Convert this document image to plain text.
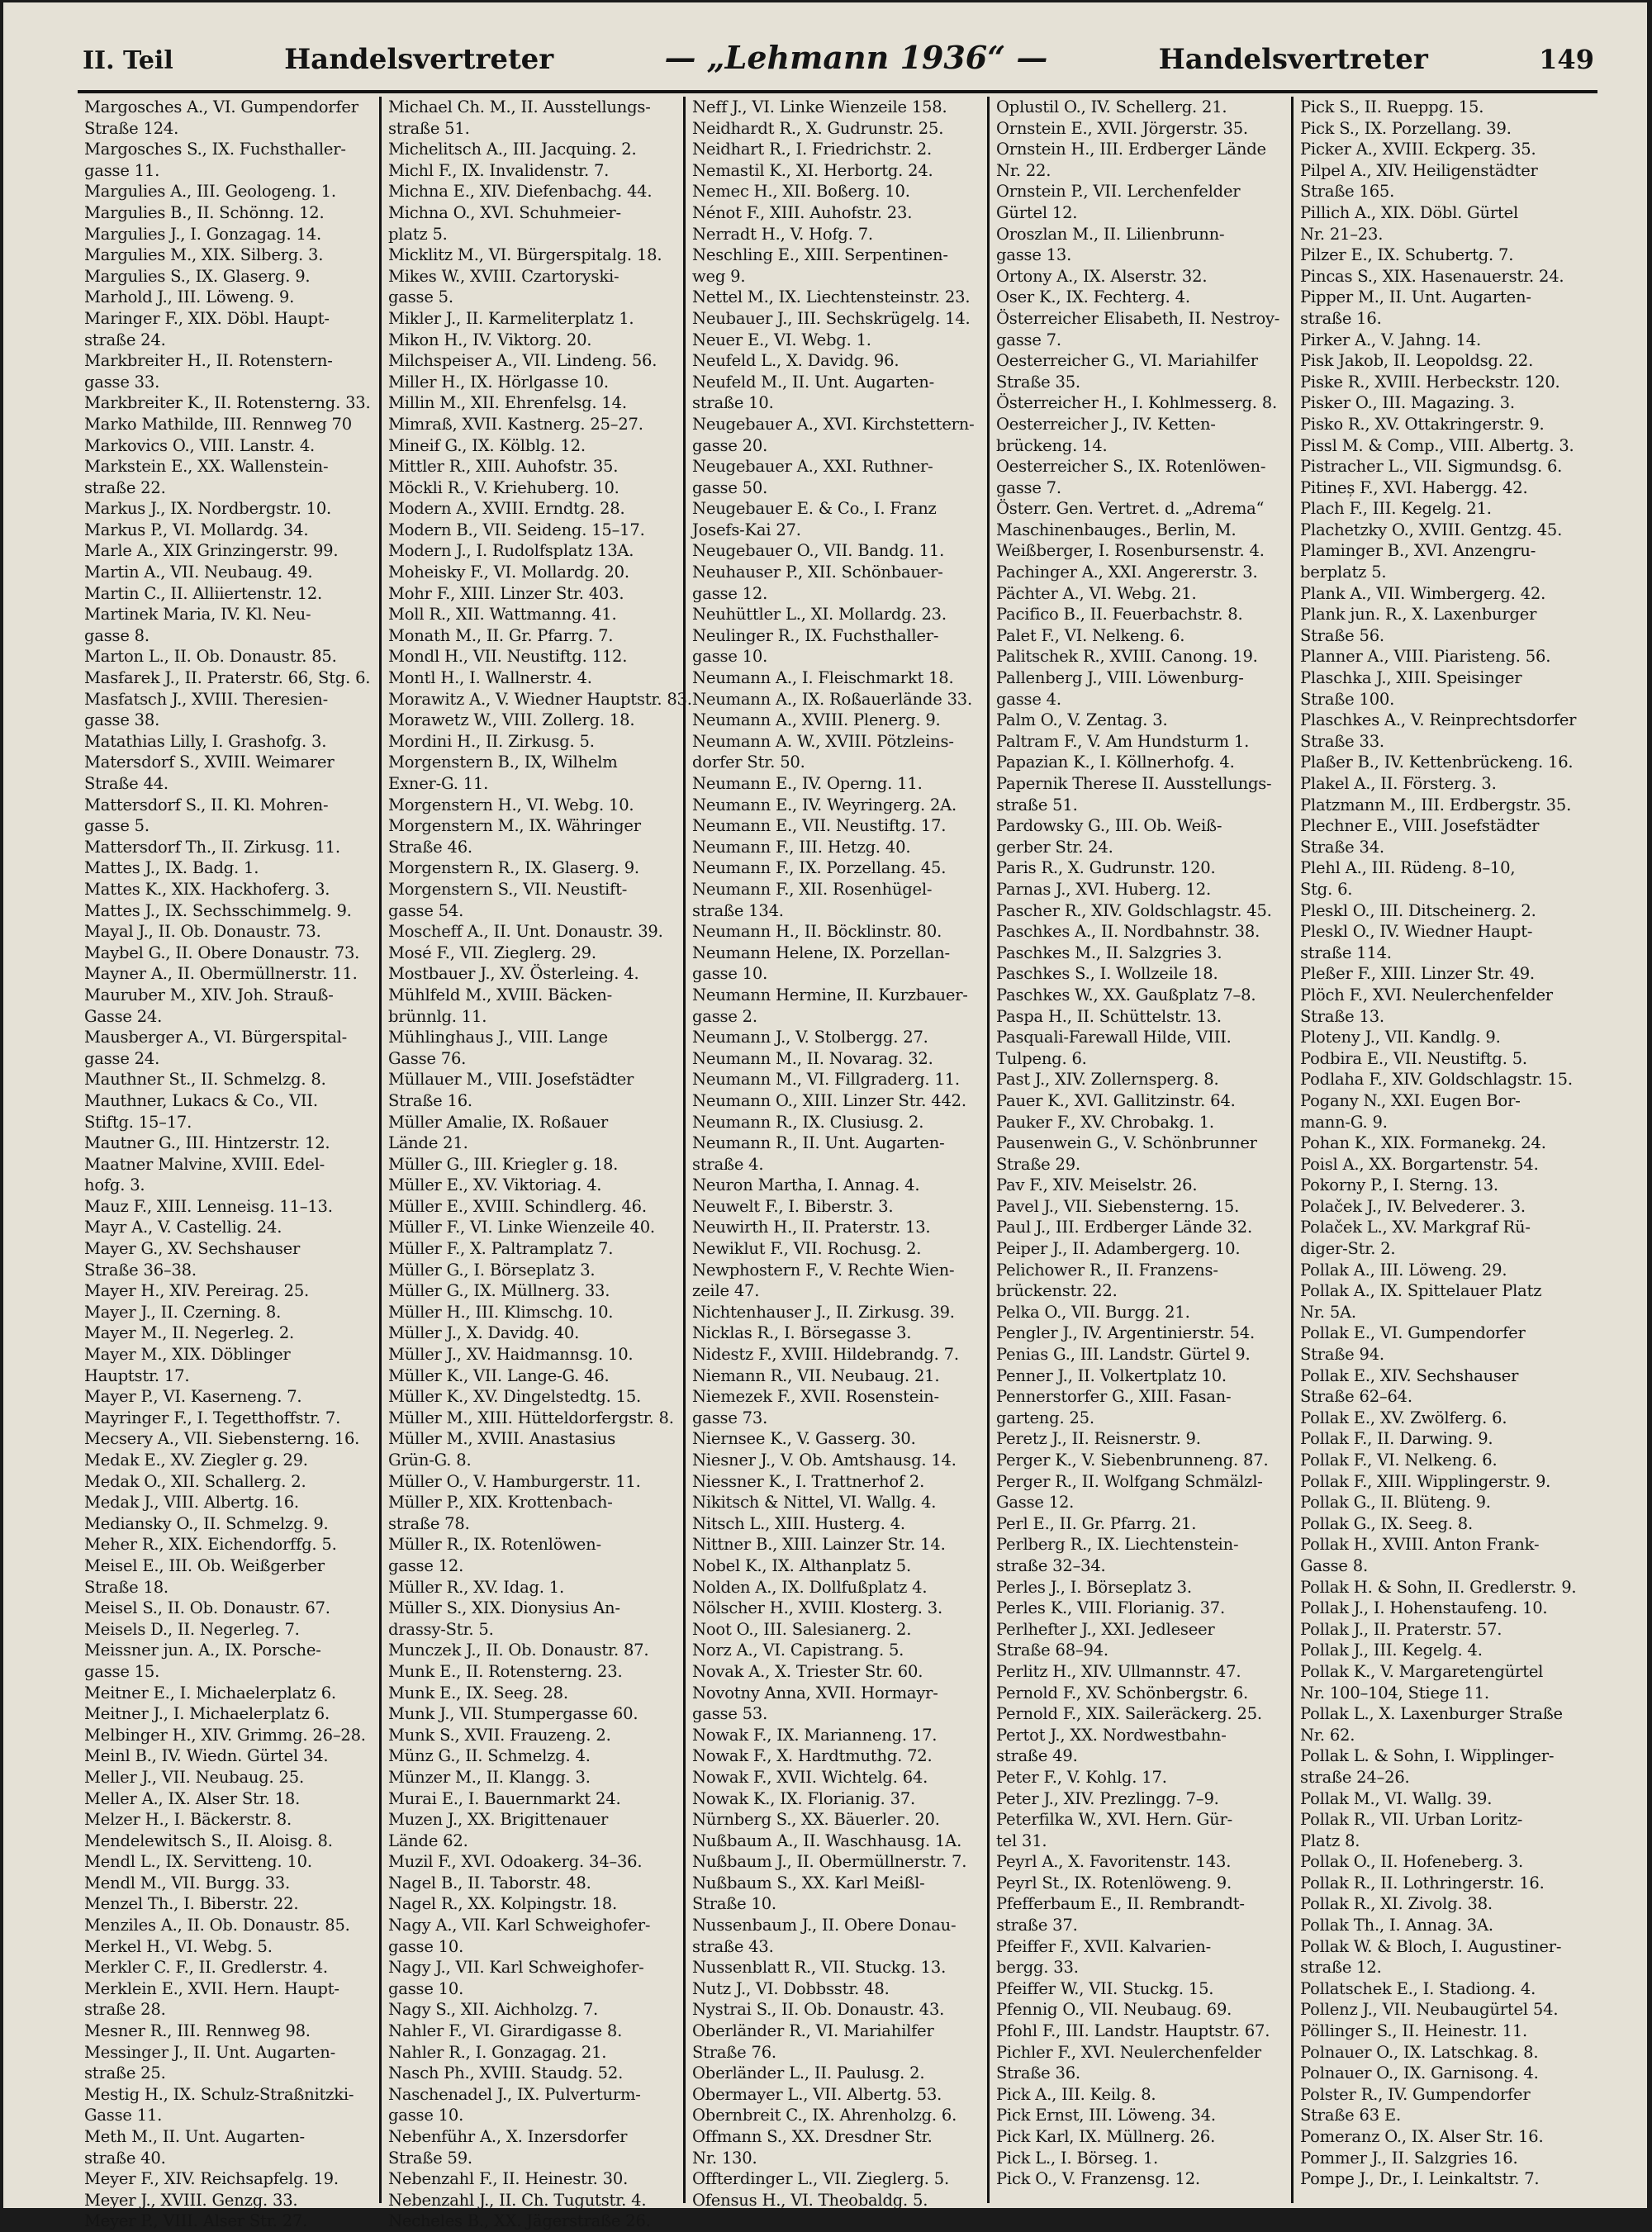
II. Teil	Handelsvertreter	— „Lehmann 1936“ —	Handelsvertreter	149
Margosches A., VI. Gumpendorfer
Straße 124.
Margosches S., IX. Fuchsthaller-
gasse 11.
Margulies A., III. Geologeng. 1.
Margulies B., II. Schönng. 12.
Margulies J., I. Gonzagag. 14.
Margulies M., XIX. Silberg. 3.
Margulies S., IX. Glaserg. 9.
Marhold J., III. Löweng. 9.
Maringer F., XIX. Döbl. Haupt-
straße 24.
Markbreiter H., II. Rotenstern-
gasse 33.
Markbreiter K., II. Rotensterng. 33.
Marko Mathilde, III. Rennweg 70
Markovics O., VIII. Lanstr. 4.
Markstein E., XX. Wallenstein-
straße 22.
Markus J., IX. Nordbergstr. 10.
Markus P., VI. Mollardg. 34.
Marle A., XIX Grinzingerstr. 99.
Martin A., VII. Neubaug. 49.
Martin C., II. Alliiertenstr. 12.
Martinek Maria, IV. Kl. Neu-
gasse 8.
Marton L., II. Ob. Donaustr. 85.
Masfarek J., II. Praterstr. 66, Stg. 6.
Masfatsch J., XVIII. Theresien-
gasse 38.
Matathias Lilly, I. Grashofg. 3.
Matersdorf S., XVIII. Weimarer
Straße 44.
Mattersdorf S., II. Kl. Mohren-
gasse 5.
Mattersdorf Th., II. Zirkusg. 11.
Mattes J., IX. Badg. 1.
Mattes K., XIX. Hackhoferg. 3.
Mattes J., IX. Sechsschimmelg. 9.
Mayal J., II. Ob. Donaustr. 73.
Maybel G., II. Obere Donaustr. 73.
Mayner A., II. Obermüllnerstr. 11.
Mauruber M., XIV. Joh. Strauß-
Gasse 24.
Mausberger A., VI. Bürgerspital-
gasse 24.
Mauthner St., II. Schmelzg. 8.
Mauthner, Lukacs & Co., VII.
Stiftg. 15–17.
Mautner G., III. Hintzerstr. 12.
Maatner Malvine, XVIII. Edel-
hofg. 3.
Mauz F., XIII. Lenneisg. 11–13.
Mayr A., V. Castellig. 24.
Mayer G., XV. Sechshauser
Straße 36–38.
Mayer H., XIV. Pereirag. 25.
Mayer J., II. Czerning. 8.
Mayer M., II. Negerleg. 2.
Mayer M., XIX. Döblinger
Hauptstr. 17.
Mayer P., VI. Kaserneng. 7.
Mayringer F., I. Tegetthoffstr. 7.
Mecsery A., VII. Siebensterng. 16.
Medak E., XV. Ziegler g. 29.
Medak O., XII. Schallerg. 2.
Medak J., VIII. Albertg. 16.
Mediansky O., II. Schmelzg. 9.
Meher R., XIX. Eichendorffg. 5.
Meisel E., III. Ob. Weißgerber
Straße 18.
Meisel S., II. Ob. Donaustr. 67.
Meisels D., II. Negerleg. 7.
Meissner jun. A., IX. Porsche-
gasse 15.
Meitner E., I. Michaelerplatz 6.
Meitner J., I. Michaelerplatz 6.
Melbinger H., XIV. Grimmg. 26–28.
Meinl B., IV. Wiedn. Gürtel 34.
Meller J., VII. Neubaug. 25.
Meller A., IX. Alser Str. 18.
Melzer H., I. Bäckerstr. 8.
Mendelewitsch S., II. Aloisg. 8.
Mendl L., IX. Servitteng. 10.
Mendl M., VII. Burgg. 33.
Menzel Th., I. Biberstr. 22.
Menziles A., II. Ob. Donaustr. 85.
Merkel H., VI. Webg. 5.
Merkler C. F., II. Gredlerstr. 4.
Merklein E., XVII. Hern. Haupt-
straße 28.
Mesner R., III. Rennweg 98.
Messinger J., II. Unt. Augarten-
straße 25.
Mestig H., IX. Schulz-Straßnitzki-
Gasse 11.
Meth M., II. Unt. Augarten-
straße 40.
Meyer F., XIV. Reichsapfelg. 19.
Meyer J., XVIII. Genzg. 33.
Meyer P., VIII. Alser Str. 27.
Michael Ch. M., II. Ausstellungs-
straße 51.
Michelitsch A., III. Jacquing. 2.
Michl F., IX. Invalidenstr. 7.
Michna E., XIV. Diefenbachg. 44.
Michna O., XVI. Schuhmeier-
platz 5.
Micklitz M., VI. Bürgerspitalg. 18.
Mikes W., XVIII. Czartoryski-
gasse 5.
Mikler J., II. Karmeliterplatz 1.
Mikon H., IV. Viktorg. 20.
Milchspeiser A., VII. Lindeng. 56.
Miller H., IX. Hörlgasse 10.
Millin M., XII. Ehrenfelsg. 14.
Mimraß, XVII. Kastnerg. 25–27.
Mineif G., IX. Kölblg. 12.
Mittler R., XIII. Auhofstr. 35.
Möckli R., V. Kriehuberg. 10.
Modern A., XVIII. Erndtg. 28.
Modern B., VII. Seideng. 15–17.
Modern J., I. Rudolfsplatz 13A.
Moheisky F., VI. Mollardg. 20.
Mohr F., XIII. Linzer Str. 403.
Moll R., XII. Wattmanng. 41.
Monath M., II. Gr. Pfarrg. 7.
Mondl H., VII. Neustiftg. 112.
Montl H., I. Wallnerstr. 4.
Morawitz A., V. Wiedner Hauptstr. 83.
Morawetz W., VIII. Zollerg. 18.
Mordini H., II. Zirkusg. 5.
Morgenstern B., IX, Wilhelm
Exner-G. 11.
Morgenstern H., VI. Webg. 10.
Morgenstern M., IX. Währinger
Straße 46.
Morgenstern R., IX. Glaserg. 9.
Morgenstern S., VII. Neustift-
gasse 54.
Moscheff A., II. Unt. Donaustr. 39.
Mosé F., VII. Zieglerg. 29.
Mostbauer J., XV. Österleing. 4.
Mühlfeld M., XVIII. Bäcken-
brünnlg. 11.
Mühlinghaus J., VIII. Lange
Gasse 76.
Müllauer M., VIII. Josefstädter
Straße 16.
Müller Amalie, IX. Roßauer
Lände 21.
Müller G., III. Kriegler g. 18.
Müller E., XV. Viktoriag. 4.
Müller E., XVIII. Schindlerg. 46.
Müller F., VI. Linke Wienzeile 40.
Müller F., X. Paltramplatz 7.
Müller G., I. Börseplatz 3.
Müller G., IX. Müllnerg. 33.
Müller H., III. Klimschg. 10.
Müller J., X. Davidg. 40.
Müller J., XV. Haidmannsg. 10.
Müller K., VII. Lange-G. 46.
Müller K., XV. Dingelstedtg. 15.
Müller M., XIII. Hütteldorfergstr. 8.
Müller M., XVIII. Anastasius
Grün-G. 8.
Müller O., V. Hamburgerstr. 11.
Müller P., XIX. Krottenbach-
straße 78.
Müller R., IX. Rotenlöwen-
gasse 12.
Müller R., XV. Idag. 1.
Müller S., XIX. Dionysius An-
drassy-Str. 5.
Munczek J., II. Ob. Donaustr. 87.
Munk E., II. Rotensterng. 23.
Munk E., IX. Seeg. 28.
Munk J., VII. Stumpergasse 60.
Munk S., XVII. Frauzeng. 2.
Münz G., II. Schmelzg. 4.
Münzer M., II. Klangg. 3.
Murai E., I. Bauernmarkt 24.
Muzen J., XX. Brigittenauer
Lände 62.
Muzil F., XVI. Odoakerg. 34–36.
Nagel B., II. Taborstr. 48.
Nagel R., XX. Kolpingstr. 18.
Nagy A., VII. Karl Schweighofer-
gasse 10.
Nagy J., VII. Karl Schweighofer-
gasse 10.
Nagy S., XII. Aichholzg. 7.
Nahler F., VI. Girardigasse 8.
Nahler R., I. Gonzagag. 21.
Nasch Ph., XVIII. Staudg. 52.
Naschenadel J., IX. Pulverturm-
gasse 10.
Nebenführ A., X. Inzersdorfer
Straße 59.
Nebenzahl F., II. Heinestr. 30.
Nebenzahl J., II. Ch. Tugutstr. 4.
Necheles B., XX. Jägerstraße 26.
Neff J., VI. Linke Wienzeile 158.
Neidhardt R., X. Gudrunstr. 25.
Neidhart R., I. Friedrichstr. 2.
Nemastil K., XI. Herbortg. 24.
Nemec H., XII. Boßerg. 10.
Nénot F., XIII. Auhofstr. 23.
Nerradt H., V. Hofg. 7.
Neschling E., XIII. Serpentinen-
weg 9.
Nettel M., IX. Liechtensteinstr. 23.
Neubauer J., III. Sechskrügelg. 14.
Neuer E., VI. Webg. 1.
Neufeld L., X. Davidg. 96.
Neufeld M., II. Unt. Augarten-
straße 10.
Neugebauer A., XVI. Kirchstettern-
gasse 20.
Neugebauer A., XXI. Ruthner-
gasse 50.
Neugebauer E. & Co., I. Franz
Josefs-Kai 27.
Neugebauer O., VII. Bandg. 11.
Neuhauser P., XII. Schönbauer-
gasse 12.
Neuhüttler L., XI. Mollardg. 23.
Neulinger R., IX. Fuchsthaller-
gasse 10.
Neumann A., I. Fleischmarkt 18.
Neumann A., IX. Roßauerlände 33.
Neumann A., XVIII. Plenerg. 9.
Neumann A. W., XVIII. Pötzleins-
dorfer Str. 50.
Neumann E., IV. Operng. 11.
Neumann E., IV. Weyringerg. 2A.
Neumann E., VII. Neustiftg. 17.
Neumann F., III. Hetzg. 40.
Neumann F., IX. Porzellang. 45.
Neumann F., XII. Rosenhügel-
straße 134.
Neumann H., II. Böcklinstr. 80.
Neumann Helene, IX. Porzellan-
gasse 10.
Neumann Hermine, II. Kurzbauer-
gasse 2.
Neumann J., V. Stolbergg. 27.
Neumann M., II. Novarag. 32.
Neumann M., VI. Fillgraderg. 11.
Neumann O., XIII. Linzer Str. 442.
Neumann R., IX. Clusiusg. 2.
Neumann R., II. Unt. Augarten-
straße 4.
Neuron Martha, I. Annag. 4.
Neuwelt F., I. Biberstr. 3.
Neuwirth H., II. Praterstr. 13.
Newiklut F., VII. Rochusg. 2.
Newphostern F., V. Rechte Wien-
zeile 47.
Nichtenhauser J., II. Zirkusg. 39.
Nicklas R., I. Börsegasse 3.
Nidestz F., XVIII. Hildebrandg. 7.
Niemann R., VII. Neubaug. 21.
Niemezek F., XVII. Rosenstein-
gasse 73.
Niernsee K., V. Gasserg. 30.
Niesner J., V. Ob. Amtshausg. 14.
Niessner K., I. Trattnerhof 2.
Nikitsch & Nittel, VI. Wallg. 4.
Nitsch L., XIII. Husterg. 4.
Nittner B., XIII. Lainzer Str. 14.
Nobel K., IX. Althanplatz 5.
Nolden A., IX. Dollfußplatz 4.
Nölscher H., XVIII. Klosterg. 3.
Noot O., III. Salesianerg. 2.
Norz A., VI. Capistrang. 5.
Novak A., X. Triester Str. 60.
Novotny Anna, XVII. Hormayr-
gasse 53.
Nowak F., IX. Marianneng. 17.
Nowak F., X. Hardtmuthg. 72.
Nowak F., XVII. Wichtelg. 64.
Nowak K., IX. Florianig. 37.
Nürnberg S., XX. Bäuerlег. 20.
Nußbaum A., II. Waschhausg. 1A.
Nußbaum J., II. Obermüllnerstr. 7.
Nußbaum S., XX. Karl Meißl-
Straße 10.
Nussenbaum J., II. Obere Donau-
straße 43.
Nussenblatt R., VII. Stuckg. 13.
Nutz J., VI. Dobbsstr. 48.
Nystrai S., II. Ob. Donaustr. 43.
Oberländer R., VI. Mariahilfer
Straße 76.
Oberländer L., II. Paulusg. 2.
Obermayer L., VII. Albertg. 53.
Obernbreit C., IX. Ahrenholzg. 6.
Offmann S., XX. Dresdner Str.
Nr. 130.
Offterdinger L., VII. Zieglerg. 5.
Ofensus H., VI. Theobaldg. 5.
Oplustil O., IV. Schellerg. 21.
Ornstein E., XVII. Jörgerstr. 35.
Ornstein H., III. Erdberger Lände
Nr. 22.
Ornstein P., VII. Lerchenfelder
Gürtel 12.
Oroszlan M., II. Lilienbrunn-
gasse 13.
Ortony A., IX. Alserstr. 32.
Oser K., IX. Fechterg. 4.
Österreicher Elisabeth, II. Nestroy-
gasse 7.
Oesterreicher G., VI. Mariahilfer
Straße 35.
Österreicher H., I. Kohlmesserg. 8.
Oesterreicher J., IV. Ketten-
brückeng. 14.
Oesterreicher S., IX. Rotenlöwen-
gasse 7.
Österr. Gen. Vertret. d. „Adrema“
Maschinenbauges., Berlin, M.
Weißberger, I. Rosenbursenstr. 4.
Pachinger A., XXI. Angererstr. 3.
Pächter A., VI. Webg. 21.
Pacifico B., II. Feuerbachstr. 8.
Palet F., VI. Nelkeng. 6.
Palitschek R., XVIII. Canong. 19.
Pallenberg J., VIII. Löwenburg-
gasse 4.
Palm O., V. Zentag. 3.
Paltram F., V. Am Hundsturm 1.
Papazian K., I. Köllnerhofg. 4.
Papernik Therese II. Ausstellungs-
straße 51.
Pardowsky G., III. Ob. Weiß-
gerber Str. 24.
Paris R., X. Gudrunstr. 120.
Parnas J., XVI. Huberg. 12.
Pascher R., XIV. Goldschlagstr. 45.
Paschkes A., II. Nordbahnstr. 38.
Paschkes M., II. Salzgries 3.
Paschkes S., I. Wollzeile 18.
Paschkes W., XX. Gaußplatz 7–8.
Paspa H., II. Schüttelstr. 13.
Pasquali-Farewall Hilde, VIII.
Tulpeng. 6.
Past J., XIV. Zollernsperg. 8.
Pauer K., XVI. Gallitzinstr. 64.
Pauker F., XV. Chrobakg. 1.
Pausenwein G., V. Schönbrunner
Straße 29.
Pav F., XIV. Meiselstr. 26.
Pavel J., VII. Siebensterng. 15.
Paul J., III. Erdberger Lände 32.
Peiper J., II. Adambergerg. 10.
Pelichower R., II. Franzens-
brückenstr. 22.
Pelka O., VII. Burgg. 21.
Pengler J., IV. Argentinierstr. 54.
Penias G., III. Landstr. Gürtel 9.
Penner J., II. Volkertplatz 10.
Pennerstorfer G., XIII. Fasan-
garteng. 25.
Peretz J., II. Reisnerstr. 9.
Perger K., V. Siebenbrunneng. 87.
Perger R., II. Wolfgang Schmälzl-
Gasse 12.
Perl E., II. Gr. Pfarrg. 21.
Perlberg R., IX. Liechtenstein-
straße 32–34.
Perles J., I. Börseplatz 3.
Perles K., VIII. Florianig. 37.
Perlhefter J., XXI. Jedleseer
Straße 68–94.
Perlitz H., XIV. Ullmannstr. 47.
Pernold F., XV. Schönbergstr. 6.
Pernold F., XIX. Saileräckerg. 25.
Pertot J., XX. Nordwestbahn-
straße 49.
Peter F., V. Kohlg. 17.
Peter J., XIV. Prezlingg. 7–9.
Peterfilka W., XVI. Hern. Gür-
tel 31.
Peyrl A., X. Favoritenstr. 143.
Peyrl St., IX. Rotenlöweng. 9.
Pfefferbaum E., II. Rembrandt-
straße 37.
Pfeiffer F., XVII. Kalvarien-
bergg. 33.
Pfeiffer W., VII. Stuckg. 15.
Pfennig O., VII. Neubaug. 69.
Pfohl F., III. Landstr. Hauptstr. 67.
Pichler F., XVI. Neulerchenfelder
Straße 36.
Pick A., III. Keilg. 8.
Pick Ernst, III. Löweng. 34.
Pick Karl, IX. Müllnerg. 26.
Pick L., I. Börseg. 1.
Pick O., V. Franzensg. 12.
Pick S., II. Rueppg. 15.
Pick S., IX. Porzellang. 39.
Picker A., XVIII. Eckperg. 35.
Pilpel A., XIV. Heiligenstädter
Straße 165.
Pillich A., XIX. Döbl. Gürtel
Nr. 21–23.
Pilzer E., IX. Schubertg. 7.
Pincas S., XIX. Hasenauerstr. 24.
Pipper M., II. Unt. Augarten-
straße 16.
Pirker A., V. Jahng. 14.
Pisk Jakob, II. Leopoldsg. 22.
Piske R., XVIII. Herbeckstr. 120.
Pisker O., III. Magazing. 3.
Pisko R., XV. Ottakringerstr. 9.
Pissl M. & Comp., VIII. Albertg. 3.
Pistracher L., VII. Sigmundsg. 6.
Pitineș F., XVI. Habergg. 42.
Plach F., III. Kegelg. 21.
Plachetzky O., XVIII. Gentzg. 45.
Plaminger B., XVI. Anzengru-
berplatz 5.
Plank A., VII. Wimbergerg. 42.
Plank jun. R., X. Laxenburger
Straße 56.
Planner A., VIII. Piaristeng. 56.
Plaschka J., XIII. Speisinger
Straße 100.
Plaschkes A., V. Reinprechtsdorfer
Straße 33.
Plaßer B., IV. Kettenbrückeng. 16.
Plakel A., II. Försterg. 3.
Platzmann M., III. Erdbergstr. 35.
Plechner E., VIII. Josefstädter
Straße 34.
Plehl A., III. Rüdeng. 8–10,
Stg. 6.
Pleskl O., III. Ditscheinerg. 2.
Pleskl O., IV. Wiedner Haupt-
straße 114.
Pleßer F., XIII. Linzer Str. 49.
Plöch F., XVI. Neulerchenfelder
Straße 13.
Ploteny J., VII. Kandlg. 9.
Podbira E., VII. Neustiftg. 5.
Podlaha F., XIV. Goldschlagstr. 15.
Pogany N., XXI. Eugen Bor-
mann-G. 9.
Pohan K., XIX. Formanekg. 24.
Poisl A., XX. Borgartenstr. 54.
Pokorny P., I. Sterng. 13.
Polaček J., IV. Belvederег. 3.
Polaček L., XV. Markgraf Rü-
diger-Str. 2.
Pollak A., III. Löweng. 29.
Pollak A., IX. Spittelauer Platz
Nr. 5A.
Pollak E., VI. Gumpendorfer
Straße 94.
Pollak E., XIV. Sechshauser
Straße 62–64.
Pollak E., XV. Zwölferg. 6.
Pollak F., II. Darwing. 9.
Pollak F., VI. Nelkeng. 6.
Pollak F., XIII. Wipplingerstr. 9.
Pollak G., II. Blüteng. 9.
Pollak G., IX. Seeg. 8.
Pollak H., XVIII. Anton Frank-
Gasse 8.
Pollak H. & Sohn, II. Gredlerstr. 9.
Pollak J., I. Hohenstaufeng. 10.
Pollak J., II. Praterstr. 57.
Pollak J., III. Kegelg. 4.
Pollak K., V. Margaretengürtel
Nr. 100–104, Stiege 11.
Pollak L., X. Laxenburger Straße
Nr. 62.
Pollak L. & Sohn, I. Wipplinger-
straße 24–26.
Pollak M., VI. Wallg. 39.
Pollak R., VII. Urban Loritz-
Platz 8.
Pollak O., II. Hofeneberg. 3.
Pollak R., II. Lothringerstr. 16.
Pollak R., XI. Zivolg. 38.
Pollak Th., I. Annag. 3A.
Pollak W. & Bloch, I. Augustiner-
straße 12.
Pollatschek E., I. Stadiong. 4.
Pollenz J., VII. Neubaugürtel 54.
Pöllinger S., II. Heinestr. 11.
Polnauer O., IX. Latschkag. 8.
Polnauer O., IX. Garnisong. 4.
Polster R., IV. Gumpendorfer
Straße 63 E.
Pomeranz O., IX. Alser Str. 16.
Pommer J., II. Salzgries 16.
Pompe J., Dr., I. Leinkaltstr. 7.
